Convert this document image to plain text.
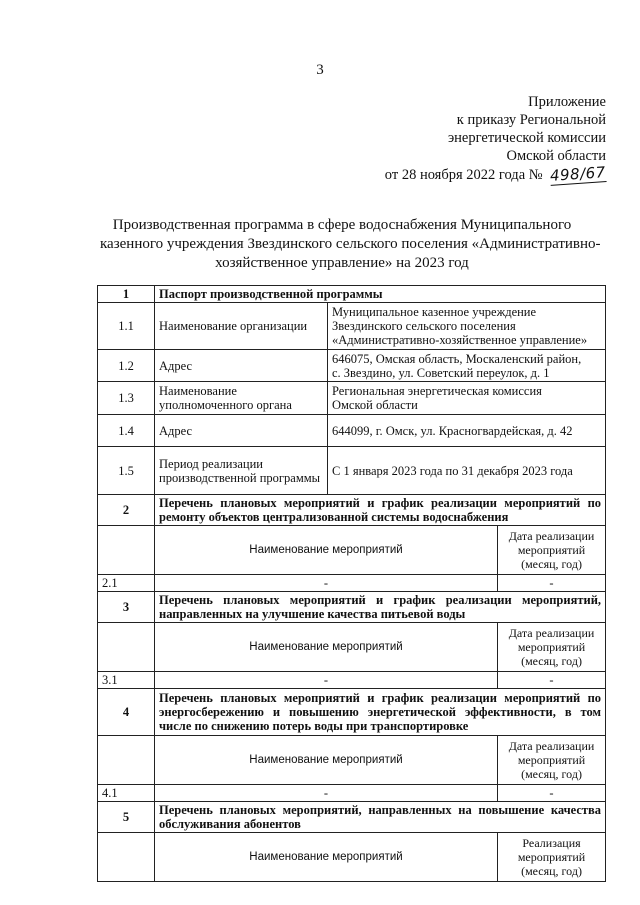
3
Приложение
к приказу Региональной
энергетической комиссии
Омской области
от 28 ноября 2022 года № 498/67
Производственная программа в сфере водоснабжения Муниципального
казенного учреждения Звездинского сельского поселения «Административно-
хозяйственное управление» на 2023 год
1	Паспорт производственной программы		
1.1	Наименование организации	Муниципальное казенное учреждение
Звездинского сельского поселения
«Административно-хозяйственное управление»	

1.2	Адрес	646075, Омская область, Москаленский район,
с. Звездино, ул. Советский переулок, д. 1	

1.3	Наименование уполномоченного органа	Региональная энергетическая комиссия
Омской области	

1.4	Адрес	644099, г. Омск, ул. Красногвардейская, д. 42	
1.5	Период реализации производственной программы	С 1 января 2023 года по 31 декабря 2023 года	
2	Перечень плановых мероприятий и график реализации мероприятий по ремонту объектов централизованной системы водоснабжения		
	Наименование мероприятий		Дата реализации мероприятий (месяц, год)
2.1	-		-
3	Перечень плановых мероприятий и график реализации мероприятий, направленных на улучшение качества питьевой воды		
	Наименование мероприятий		Дата реализации мероприятий (месяц, год)
3.1	-		-
4	Перечень плановых мероприятий и график реализации мероприятий по энергосбережению и повышению энергетической эффективности, в том числе по снижению потерь воды при транспортировке		
	Наименование мероприятий		Дата реализации мероприятий (месяц, год)
4.1	-		-
5	Перечень плановых мероприятий, направленных на повышение качества обслуживания абонентов		
	Наименование мероприятий		Реализация мероприятий (месяц, год)
